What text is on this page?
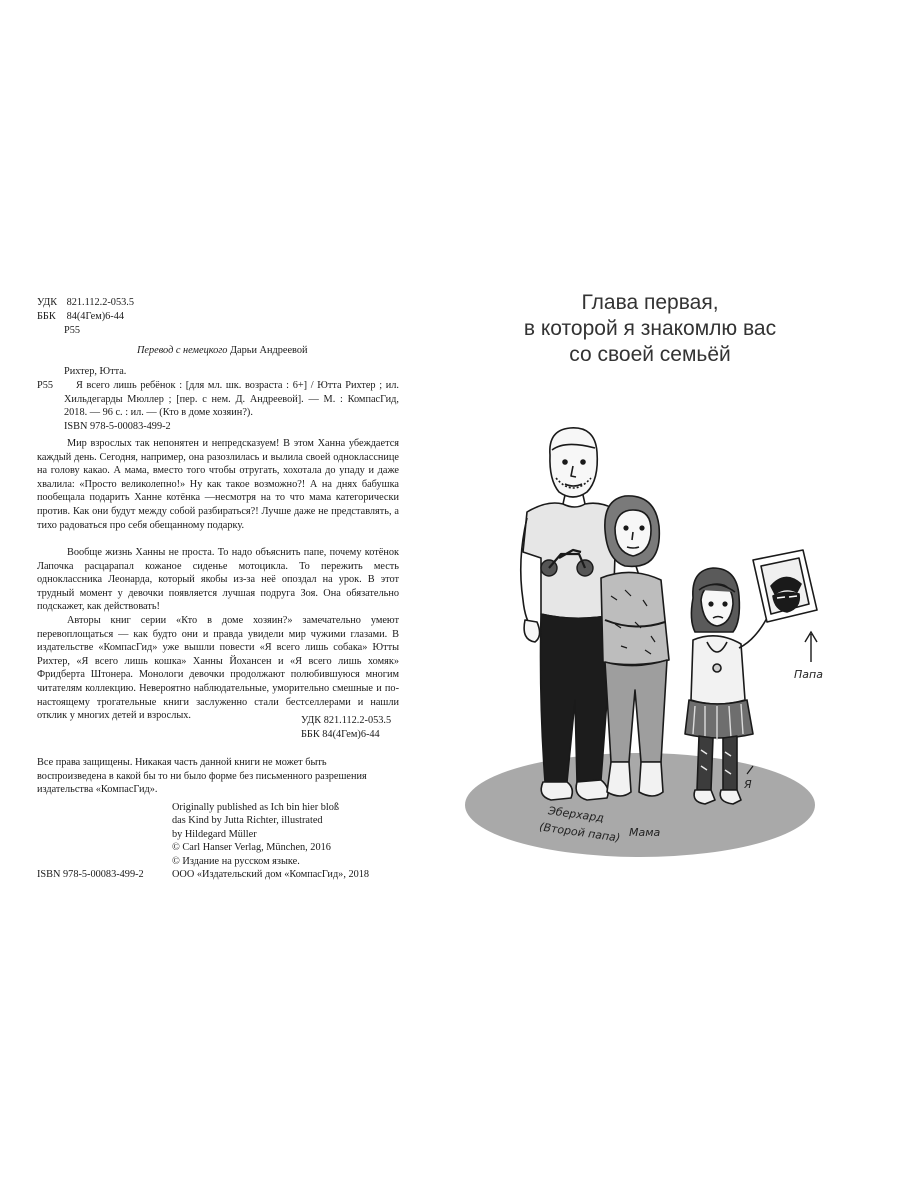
УДК 821.112.2-053.5
ББК 84(4Гем)6-44
Р55
Перевод с немецкого Дарьи Андреевой
Рихтер, Ютта.
Р55	Я всего лишь ребёнок : [для мл. шк. возраста : 6+] / Ютта Рихтер ; ил. Хильдегарды Мюллер ; [пер. с нем. Д. Андреевой]. — М. : КомпасГид, 2018. — 96 с. : ил. — (Кто в доме хозяин?).
ISBN 978-5-00083-499-2
Мир взрослых так непонятен и непредсказуем! В этом Ханна убеждается каждый день. Сегодня, например, она разозлилась и вылила своей однокласснице на голову какао. А мама, вместо того чтобы отругать, хохотала до упаду и даже хвалила: «Просто великолепно!» Ну как такое возможно?! А на днях бабушка пообещала подарить Ханне котёнка —несмотря на то что мама категорически против. Как они будут между собой разбираться?! Лучше даже не представлять, а тихо радоваться про себя обещанному подарку.
Вообще жизнь Ханны не проста. То надо объяснить папе, почему котёнок Лапочка расцарапал кожаное сиденье мотоцикла. То пережить месть одноклассника Леонарда, который якобы из-за неё опоздал на урок. В этот трудный момент у девочки появляется лучшая подруга Зоя. Она обязательно подскажет, как действовать!
Авторы книг серии «Кто в доме хозяин?» замечательно умеют перевоплощаться — как будто они и правда увидели мир чужими глазами. В издательстве «КомпасГид» уже вышли повести «Я всего лишь собака» Ютты Рихтер, «Я всего лишь кошка» Ханны Йохансен и «Я всего лишь хомяк» Фридберта Штонера. Монологи девочки продолжают полюбившуюся многим читателям коллекцию. Невероятно наблюдательные, уморительно смешные и по-настоящему трогательные книги заслуженно стали бестселлерами и нашли отклик у многих детей и взрослых.	УДК 821.112.2-053.5
ББК 84(4Гем)6-44
Все права защищены. Никакая часть данной книги не может быть воспроизведена в какой бы то ни было форме без письменного разрешения издательства «КомпасГид».
Originally published as Ich bin hier bloß
das Kind by Jutta Richter, illustrated
by Hildegard Müller
© Carl Hanser Verlag, München, 2016
© Издание на русском языке.
ООО «Издательский дом «КомпасГид», 2018
ISBN 978-5-00083-499-2
Глава первая,
в которой я знакомлю вас
со своей семьёй
Папа
Эберхард
(Второй папа) Мама
Я
